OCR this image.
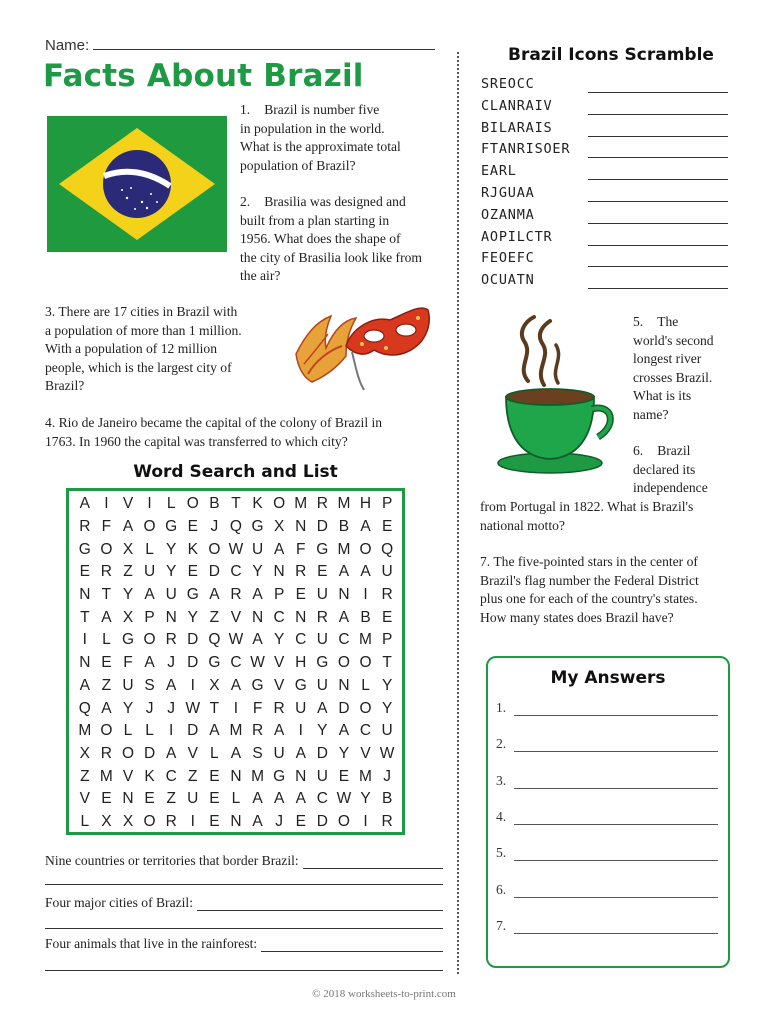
Name:
Facts About Brazil
1. Brazil is number five
in population in the world.
What is the approximate total
population of Brazil?
2. Brasilia was designed and
built from a plan starting in
1956. What does the shape of
the city of Brasilia look like from
the air?
3. There are 17 cities in Brazil with
a population of more than 1 million.
With a population of 12 million
people, which is the largest city of
Brazil?
4. Rio de Janeiro became the capital of the colony of Brazil in
1763. In 1960 the capital was transferred to which city?
Word Search and List
A	I	V	I	L	O	B	T	K	O	M	R	M	H	P
R	F	A	O	G	E	J	Q	G	X	N	D	B	A	E
G	O	X	L	Y	K	O	W	U	A	F	G	M	O	Q
E	R	Z	U	Y	E	D	C	Y	N	R	E	A	A	U
N	T	Y	A	U	G	A	R	A	P	E	U	N	I	R
T	A	X	P	N	Y	Z	V	N	C	N	R	A	B	E
I	L	G	O	R	D	Q	W	A	Y	C	U	C	M	P
N	E	F	A	J	D	G	C	W	V	H	G	O	O	T
A	Z	U	S	A	I	X	A	G	V	G	U	N	L	Y
Q	A	Y	J	J	W	T	I	F	R	U	A	D	O	Y
M	O	L	L	I	D	A	M	R	A	I	Y	A	C	U
X	R	O	D	A	V	L	A	S	U	A	D	Y	V	W
Z	M	V	K	C	Z	E	N	M	G	N	U	E	M	J
V	E	N	E	Z	U	E	L	A	A	A	C	W	Y	B
L	X	X	O	R	I	E	N	A	J	E	D	O	I	R
Nine countries or territories that border Brazil:
Four major cities of Brazil:
Four animals that live in the rainforest:
Brazil Icons Scramble
SREOCC
CLANRAIV
BILARAIS
FTANRISOER
EARL
RJGUAA
OZANMA
AOPILCTR
FEOEFC
OCUATN
5. The
world's second
longest river
crosses Brazil.
What is its
name?
6. Brazil
declared its
independence
from Portugal in 1822. What is Brazil's
national motto?
7. The five-pointed stars in the center of
Brazil's flag number the Federal District
plus one for each of the country's states.
How many states does Brazil have?
My Answers
1.
2.
3.
4.
5.
6.
7.
© 2018 worksheets-to-print.com
